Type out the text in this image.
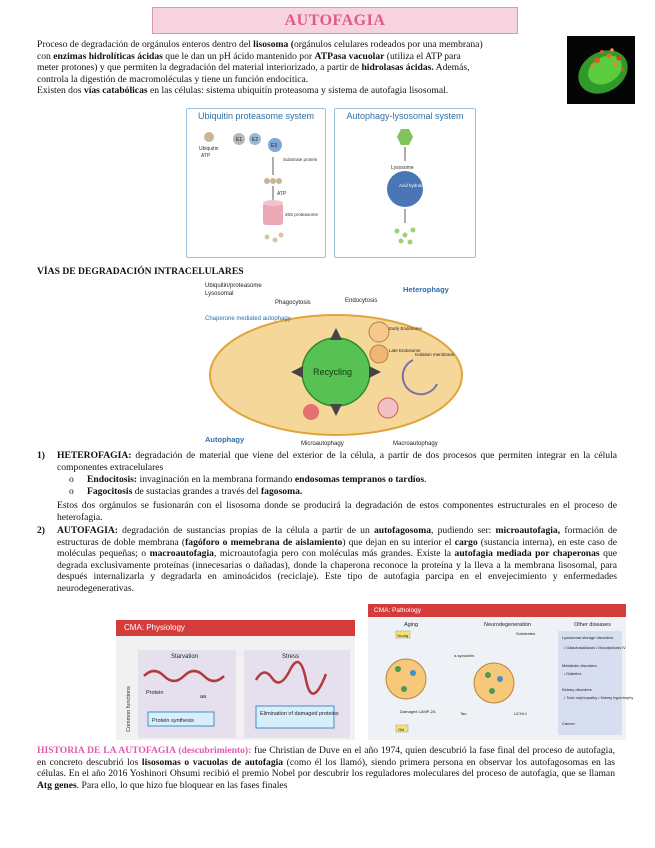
AUTOFAGIA
Proceso de degradación de orgánulos enteros dentro del lisosoma (orgánulos celulares rodeados por una membrana)
con enzimas hidrolíticas ácidas que le dan un pH ácido mantenido por ATPasa vacuolar (utiliza el ATP para
meter protones) y que permiten la degradación del material interiorizado, a partir de hidrolasas ácidas. Además,
controla la digestión de macromoléculas y tiene un función endocítica.
Existen dos vías catabólicas en las células: sistema ubiquitín proteasoma y sistema de autofagia lisosomal.
Ubiquitin proteasome system
Ubiquitin
ATP
E1 E2
E3
Substrate protein
ATP
26S proteasome
Autophagy-lysosomal system
Lysosome
Acid hydrolases
VÍAS DE DEGRADACIÓN INTRACELULARES
Recycling
Ubiquitin/proteasome
Lysosomal	Heterophagy
Phagocytosis	Endocytosis
Early Endosome
Late Endosome
Chaperone mediated autophagy
Isolation membrane
Autophagy	Microautophagy	Macroautophagy
1)	HETEROFAGIA: degradación de material que viene del exterior de la célula, a partir de dos procesos que permiten integrar en la célula componentes extracelulares
o Endocitosis: invaginación en la membrana formando endosomas tempranos o tardíos.
o Fagocitosis de sustacias grandes a través del fagosoma.
Estos dos orgánulos se fusionarán con el lisosoma donde se producirá la degradación de estos componentes estructurales en el proceso de heterofagia.
2)	AUTOFAGIA: degradación de sustancias propias de la célula a partir de un autofagosoma, pudiendo ser: microautofagia, formación de estructuras de doble membrana (fagóforo o memebrana de aislamiento) que dejan en su interior el cargo (sustancia interna), en este caso de moléculas pequeñas; o macroautofagia, microautofagia pero con moléculas más grandes. Existe la autofagia mediada por chaperonas que degrada exclusivamente proteínas (innecesarias o dañadas), donde la chaperona reconoce la proteína y la lleva a la membrana lisosomal, para después internalizarla y degradarla en aminoácidos (reciclaje). Este tipo de autofagia parcipa en el envejecimiento y enfermedades neurodegenerativas.
CMA: Physiology
Common functions
Starvation	Stress
Protein
aa
Protein synthesis
Elimination of damaged proteins
CMA: Pathology
Aging	Neurodegeneration	Other diseases
Young
Damaged LAMP-2A
Old
α-synuclein
Substrates
Tau	UCHL1
Lysosomal storage disorders
• Galactosialidosis • Mucolipidosis IV
Metabolic disorders
• Diabetes
Kidney disorders
• Toxic nephropathy • Kidney hypertrophy
Cancer
HISTORIA DE LA AUTOFAGIA (descubrimiento): fue Christian de Duve en el año 1974, quien descubrió la fase final del proceso de autofagia, en concreto descubrió los lisosomas o vacuolas de autofagia (como él los llamó), siendo primera persona en observar los autofagosomas en las células. En el año 2016 Yoshinori Ohsumi recibió el premio Nobel por descubrir los reguladores moleculares del proceso de autofagia, que se llaman Atg genes. Para ello, lo que hizo fue bloquear en las fases finales
